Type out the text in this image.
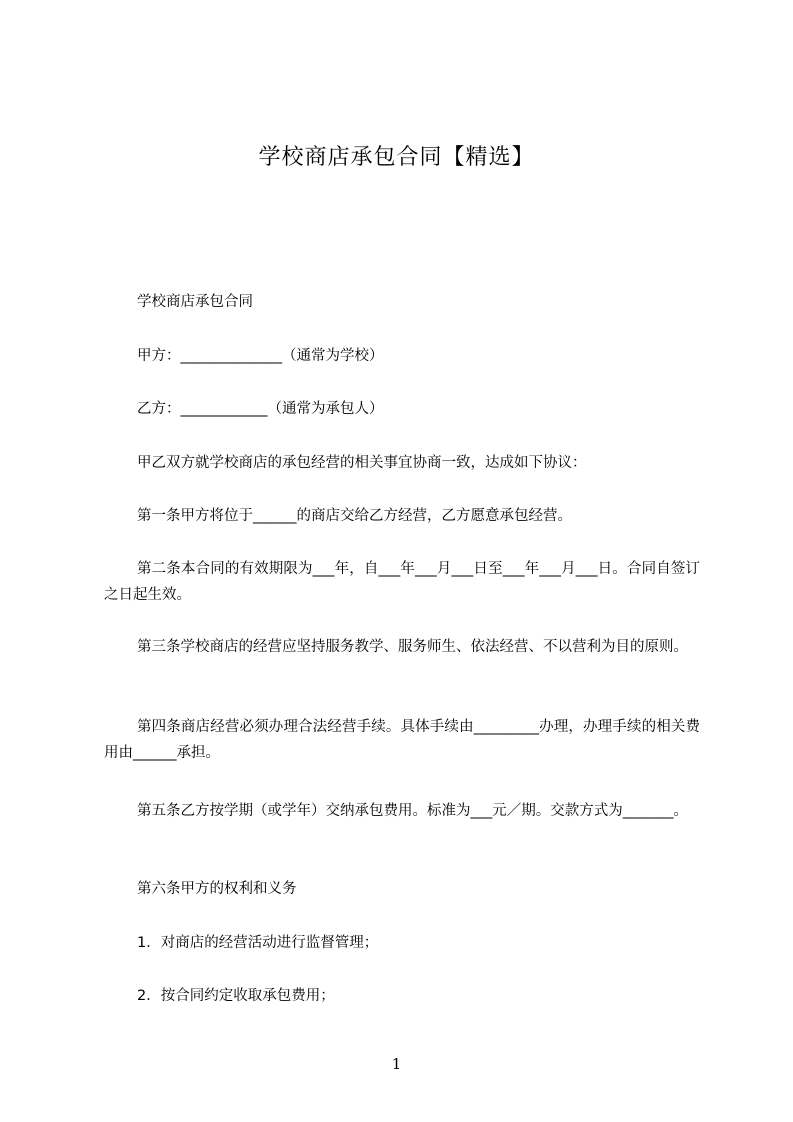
学校商店承包合同【精选】
学校商店承包合同
甲方：______________（通常为学校）
乙方：____________（通常为承包人）
甲乙双方就学校商店的承包经营的相关事宜协商一致，达成如下协议：
第一条甲方将位于______的商店交给乙方经营，乙方愿意承包经营。
第二条本合同的有效期限为___年，自___年___月___日至___年___月___日。合同自签订之日起生效。
第三条学校商店的经营应坚持服务教学、服务师生、依法经营、不以营利为目的原则。
第四条商店经营必须办理合法经营手续。具体手续由_________办理，办理手续的相关费用由______承担。
第五条乙方按学期（或学年）交纳承包费用。标准为___元／期。交款方式为_______。
第六条甲方的权利和义务
1．对商店的经营活动进行监督管理；
2．按合同约定收取承包费用；
1
